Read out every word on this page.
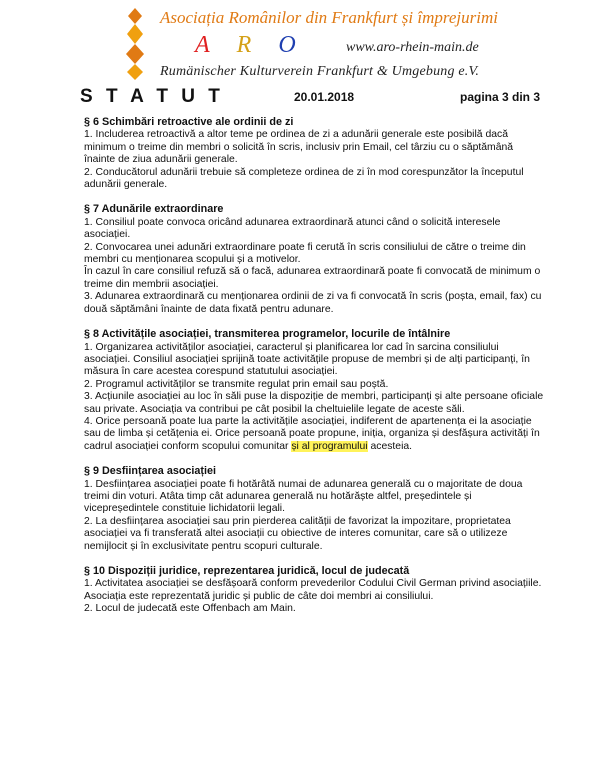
Asociația Românilor din Frankfurt și împrejurimi
A R O	www.aro-rhein-main.de
Rumänischer Kulturverein Frankfurt & Umgebung e.V.
S T A T U T	20.01.2018	pagina 3 din 3
§ 6 Schimbări retroactive ale ordinii de zi
1. Includerea retroactivă a altor teme pe ordinea de zi a adunării generale este posibilă dacă minimum o treime din membri o solicită în scris, inclusiv prin Email, cel târziu cu o săptămână înainte de ziua adunării generale.
2. Conducătorul adunării trebuie să completeze ordinea de zi în mod corespunzător la începutul adunării generale.
§ 7 Adunările extraordinare
1. Consiliul poate convoca oricând adunarea extraordinară atunci când o solicită interesele asociației.
2. Convocarea unei adunări extraordinare poate fi cerută în scris consiliului de către o treime din membri cu menționarea scopului și a motivelor.
În cazul în care consiliul refuză să o facă, adunarea extraordinară poate fi convocată de minimum o treime din membrii asociației.
3. Adunarea extraordinară cu menționarea ordinii de zi va fi convocată în scris (poșta, email, fax) cu două săptămâni înainte de data fixată pentru adunare.
§ 8 Activitățile asociației, transmiterea programelor, locurile de întâlnire
1. Organizarea activităților asociației, caracterul și planificarea lor cad în sarcina consiliului asociației. Consiliul asociației sprijină toate activitățile propuse de membri și de alți participanți, în măsura în care acestea corespund statutului asociației.
2. Programul activităților se transmite regulat prin email sau poștă.
3. Acțiunile asociației au loc în săli puse la dispoziție de membri, participanți și alte persoane oficiale sau private. Asociația va contribui pe cât posibil la cheltuielile legate de aceste săli.
4. Orice persoană poate lua parte la activitățile asociației, indiferent de apartenența ei la asociație sau de limba și cetățenia ei. Orice persoană poate propune, iniția, organiza și desfășura activități în cadrul asociației conform scopului comunitar și al programului acesteia.
§ 9 Desființarea asociației
1. Desființarea asociației poate fi hotărâtă numai de adunarea generală cu o majoritate de doua treimi din voturi. Atâta timp cât adunarea generală nu hotărăște altfel, președintele și vicepreședintele constituie lichidatorii legali.
2. La desființarea asociației sau prin pierderea calității de favorizat la impozitare, proprietatea asociației va fi transferată altei asociații cu obiective de interes comunitar, care să o utilizeze nemijlocit și în exclusivitate pentru scopuri culturale.
§ 10 Dispoziții juridice, reprezentarea juridică, locul de judecată
1. Activitatea asociației se desfășoară conform prevederilor Codului Civil German privind asociațiile. Asociația este reprezentată juridic și public de câte doi membri ai consiliului.
2. Locul de judecată este Offenbach am Main.
